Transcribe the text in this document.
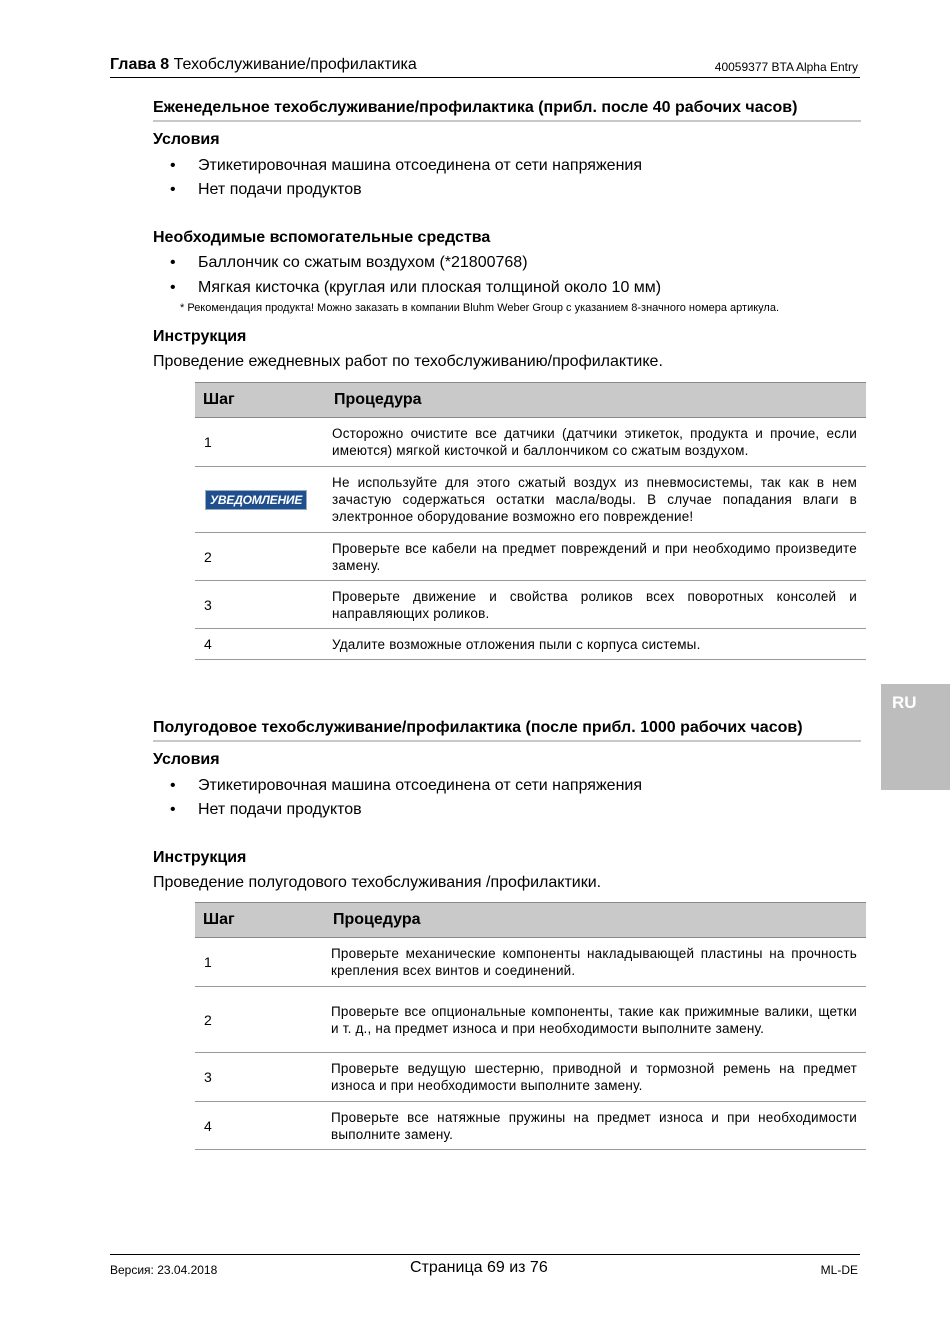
Глава 8 Техобслуживание/профилактика	40059377 BTA Alpha Entry
Еженедельное техобслуживание/профилактика (прибл. после 40 рабочих часов)
Условия
• Этикетировочная машина отсоединена от сети напряжения
• Нет подачи продуктов
Необходимые вспомогательные средства
• Баллончик со сжатым воздухом (*21800768)
• Мягкая кисточка (круглая или плоская толщиной около 10 мм)
* Рекомендация продукта! Можно заказать в компании Bluhm Weber Group с указанием 8-значного номера артикула.
Инструкция
Проведение ежедневных работ по техобслуживанию/профилактике.
Шаг	Процедура
1	Осторожно очистите все датчики (датчики этикеток, продукта и прочие, если имеются) мягкой кисточкой и баллончиком со сжатым воздухом.
УВЕДОМЛЕНИЕ	Не используйте для этого сжатый воздух из пневмосистемы, так как в нем зачастую содержаться остатки масла/воды. В случае попадания влаги в электронное оборудование возможно его повреждение!
2	Проверьте все кабели на предмет повреждений и при необходимо произведите замену.
3	Проверьте движение и свойства роликов всех поворотных консолей и направляющих роликов.
4	Удалите возможные отложения пыли с корпуса системы.
RU
Полугодовое техобслуживание/профилактика (после прибл. 1000 рабочих часов)
Условия
• Этикетировочная машина отсоединена от сети напряжения
• Нет подачи продуктов
Инструкция
Проведение полугодового техобслуживания /профилактики.
Шаг	Процедура
1	Проверьте механические компоненты накладывающей пластины на прочность крепления всех винтов и соединений.
2	Проверьте все опциональные компоненты, такие как прижимные валики, щетки и т. д., на предмет износа и при необходимости выполните замену.
3	Проверьте ведущую шестерню, приводной и тормозной ремень на предмет износа и при необходимости выполните замену.
4	Проверьте все натяжные пружины на предмет износа и при необходимости выполните замену.
Версия: 23.04.2018	Страница 69 из 76	ML-DE
